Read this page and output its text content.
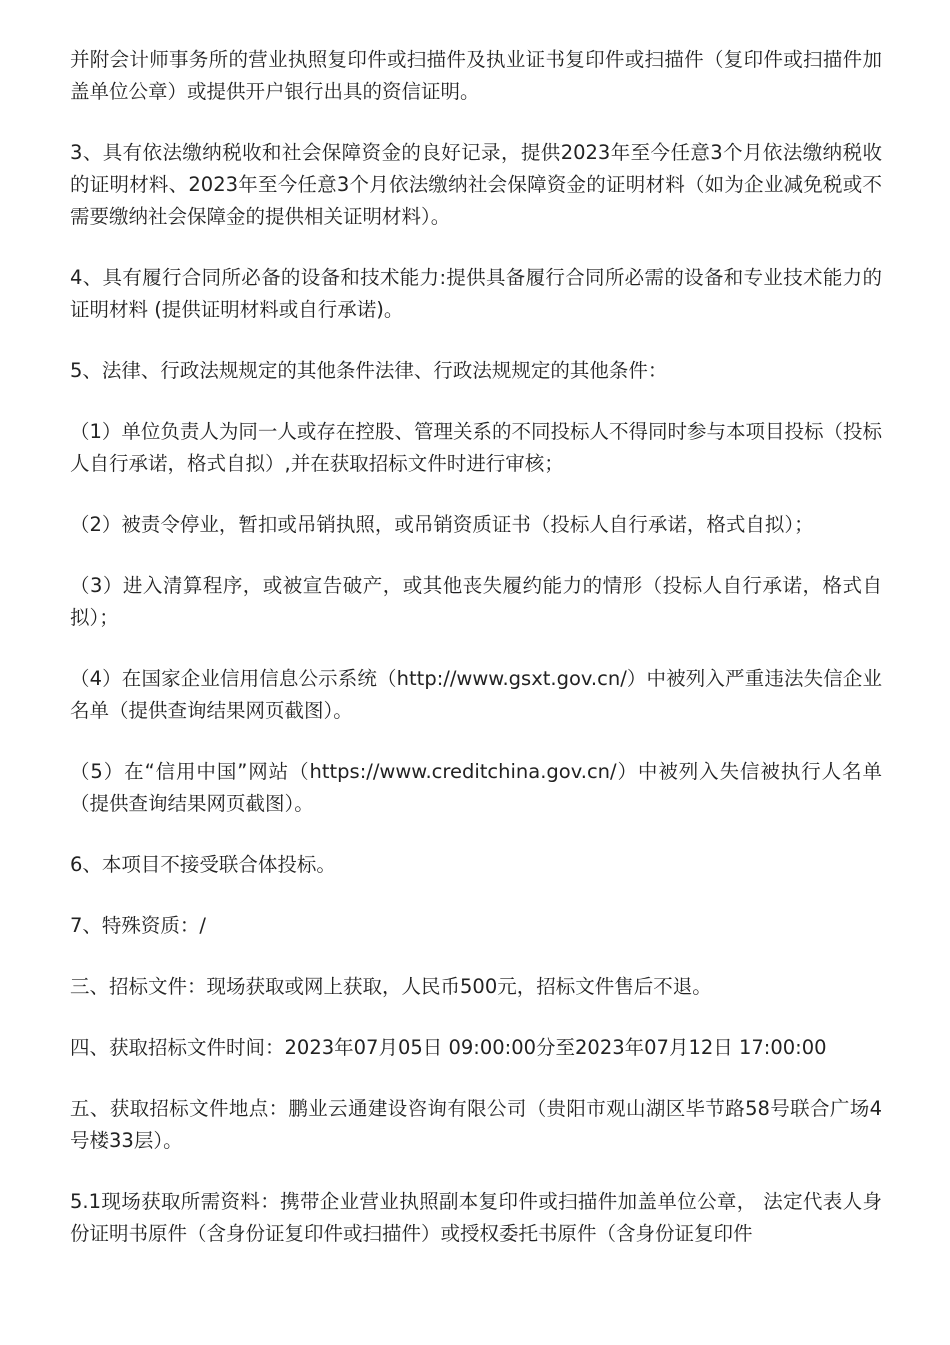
并附会计师事务所的营业执照复印件或扫描件及执业证书复印件或扫描件（复印件或扫描件加盖单位公章）或提供开户银行出具的资信证明。

3、具有依法缴纳税收和社会保障资金的良好记录，提供2023年至今任意3个月依法缴纳税收的证明材料、2023年至今任意3个月依法缴纳社会保障资金的证明材料（如为企业减免税或不需要缴纳社会保障金的提供相关证明材料）。

4、具有履行合同所必备的设备和技术能力:提供具备履行合同所必需的设备和专业技术能力的证明材料 (提供证明材料或自行承诺)。

5、法律、行政法规规定的其他条件法律、行政法规规定的其他条件：

（1）单位负责人为同一人或存在控股、管理关系的不同投标人不得同时参与本项目投标（投标人自行承诺，格式自拟）,并在获取招标文件时进行审核；

（2）被责令停业，暂扣或吊销执照，或吊销资质证书（投标人自行承诺，格式自拟）；

（3）进入清算程序，或被宣告破产，或其他丧失履约能力的情形（投标人自行承诺，格式自拟）；

（4）在国家企业信用信息公示系统（http://www.gsxt.gov.cn/）中被列入严重违法失信企业名单（提供查询结果网页截图）。

（5）在“信用中国”网站（https://www.creditchina.gov.cn/）中被列入失信被执行人名单（提供查询结果网页截图）。

6、本项目不接受联合体投标。

7、特殊资质：/

三、招标文件：现场获取或网上获取，人民币500元，招标文件售后不退。

四、获取招标文件时间：2023年07月05日 09:00:00分至2023年07月12日 17:00:00

五、获取招标文件地点：鹏业云通建设咨询有限公司（贵阳市观山湖区毕节路58号联合广场4号楼33层）。

5.1现场获取所需资料：携带企业营业执照副本复印件或扫描件加盖单位公章， 法定代表人身份证明书原件（含身份证复印件或扫描件）或授权委托书原件（含身份证复印件
